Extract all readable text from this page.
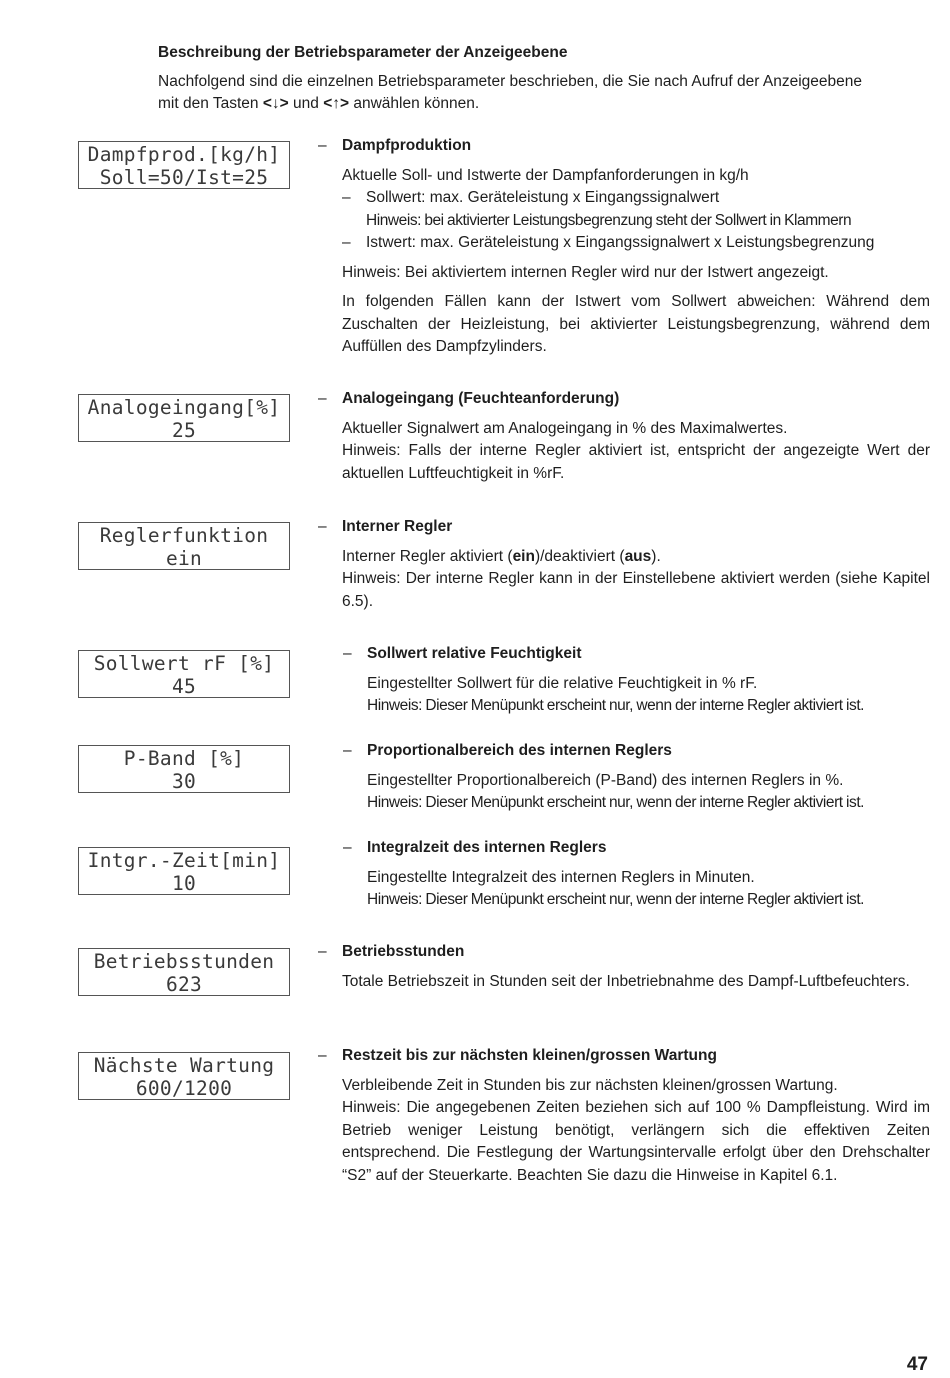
Beschreibung der Betriebsparameter der Anzeigeebene
Nachfolgend sind die einzelnen Betriebsparameter beschrieben, die Sie nach Aufruf der Anzeigeebene
mit den Tasten <↓> und <↑> anwählen können.
Dampfprod.[kg/h]
Soll=50/Ist=25
– Dampfproduktion

Aktuelle Soll- und Istwerte der Dampfanforderungen in kg/h

– Sollwert: max. Geräteleistung x Eingangssignalwert
Hinweis: bei aktivierter Leistungsbegrenzung steht der Sollwert in Klammern
– Istwert: max. Geräteleistung x Eingangssignalwert x Leistungsbegrenzung

Hinweis: Bei aktiviertem internen Regler wird nur der Istwert angezeigt.

In folgenden Fällen kann der Istwert vom Sollwert abweichen: Während dem Zuschalten der Heizleistung, bei aktivierter Leistungsbegrenzung, während dem Auffüllen des Dampfzylinders.

Analogeingang[%]
25
– Analogeingang (Feuchteanforderung)

Aktueller Signalwert am Analogeingang in % des Maximalwertes.

Hinweis: Falls der interne Regler aktiviert ist, entspricht der angezeigte Wert der aktuellen Luftfeuchtigkeit in %rF.

Reglerfunktion
ein
– Interner Regler

Interner Regler aktiviert (ein)/deaktiviert (aus).

Hinweis: Der interne Regler kann in der Einstellebene aktiviert werden (siehe Kapitel 6.5).

Sollwert rF [%]
45
– Sollwert relative Feuchtigkeit

Eingestellter Sollwert für die relative Feuchtigkeit in % rF.

Hinweis: Dieser Menüpunkt erscheint nur, wenn der interne Regler aktiviert ist.

P-Band [%]
30
– Proportionalbereich des internen Reglers

Eingestellter Proportionalbereich (P-Band) des internen Reglers in %.

Hinweis: Dieser Menüpunkt erscheint nur, wenn der interne Regler aktiviert ist.

Intgr.-Zeit[min]
10
– Integralzeit des internen Reglers

Eingestellte Integralzeit des internen Reglers in Minuten.

Hinweis: Dieser Menüpunkt erscheint nur, wenn der interne Regler aktiviert ist.

Betriebsstunden
623
– Betriebsstunden

Totale Betriebszeit in Stunden seit der Inbetriebnahme des Dampf-Luftbefeuchters.

Nächste Wartung
600/1200
– Restzeit bis zur nächsten kleinen/grossen Wartung

Verbleibende Zeit in Stunden bis zur nächsten kleinen/grossen Wartung.

Hinweis: Die angegebenen Zeiten beziehen sich auf 100 % Dampfleistung. Wird im Betrieb weniger Leistung benötigt, verlängern sich die effektiven Zeiten entsprechend. Die Festlegung der Wartungsintervalle erfolgt über den Drehschalter “S2” auf der Steuerkarte. Beachten Sie dazu die Hinweise in Kapitel 6.1.

47
